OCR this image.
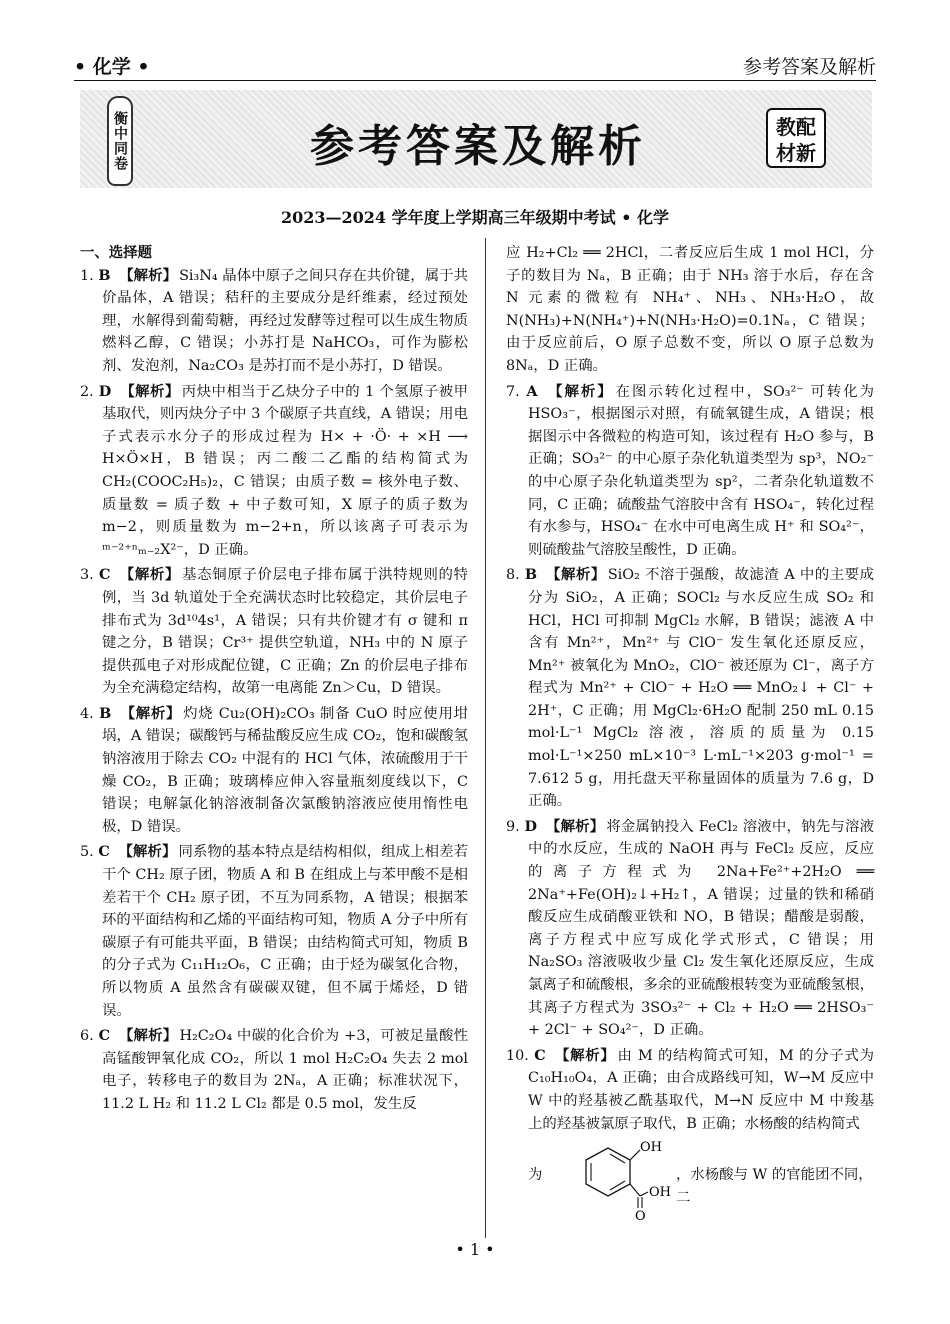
• 化学 •	参考答案及解析
衡中同卷	参考答案及解析	教配
材新
2023—2024 学年度上学期高三年级期中考试 • 化学
一、选择题

1. B 【解析】 Si₃N₄ 晶体中原子之间只存在共价键，属于共价晶体，A 错误；秸秆的主要成分是纤维素，经过预处理，水解得到葡萄糖，再经过发酵等过程可以生成生物质燃料乙醇，C 错误；小苏打是 NaHCO₃，可作为膨松剂、发泡剂，Na₂CO₃ 是苏打而不是小苏打，D 错误。

2. D 【解析】 丙炔中相当于乙炔分子中的 1 个氢原子被甲基取代，则丙炔分子中 3 个碳原子共直线，A 错误；用电子式表示水分子的形成过程为 H× + ·Ö· + ×H ⟶ H×Ö×H，B 错误；丙二酸二乙酯的结构简式为 CH₂(COOC₂H₅)₂，C 错误；由质子数 = 核外电子数、质量数 = 质子数 + 中子数可知，X 原子的质子数为 m−2，则质量数为 m−2+n，所以该离子可表示为 ᵐ⁻²⁺ⁿₘ₋₂X²⁻，D 正确。

3. C 【解析】 基态铜原子价层电子排布属于洪特规则的特例，当 3d 轨道处于全充满状态时比较稳定，其价层电子排布式为 3d¹⁰4s¹，A 错误；只有共价键才有 σ 键和 π 键之分，B 错误；Cr³⁺ 提供空轨道，NH₃ 中的 N 原子提供孤电子对形成配位键，C 正确；Zn 的价层电子排布为全充满稳定结构，故第一电离能 Zn＞Cu，D 错误。

4. B 【解析】 灼烧 Cu₂(OH)₂CO₃ 制备 CuO 时应使用坩埚，A 错误；碳酸钙与稀盐酸反应生成 CO₂，饱和碳酸氢钠溶液用于除去 CO₂ 中混有的 HCl 气体，浓硫酸用于干燥 CO₂，B 正确；玻璃棒应伸入容量瓶刻度线以下，C 错误；电解氯化钠溶液制备次氯酸钠溶液应使用惰性电极，D 错误。

5. C 【解析】 同系物的基本特点是结构相似，组成上相差若干个 CH₂ 原子团，物质 A 和 B 在组成上与苯甲酸不是相差若干个 CH₂ 原子团，不互为同系物，A 错误；根据苯环的平面结构和乙烯的平面结构可知，物质 A 分子中所有碳原子有可能共平面，B 错误；由结构简式可知，物质 B 的分子式为 C₁₁H₁₂O₆，C 正确；由于烃为碳氢化合物，所以物质 A 虽然含有碳碳双键，但不属于烯烃，D 错误。

6. C 【解析】 H₂C₂O₄ 中碳的化合价为 +3，可被足量酸性高锰酸钾氧化成 CO₂，所以 1 mol H₂C₂O₄ 失去 2 mol 电子，转移电子的数目为 2Nₐ，A 正确；标准状况下，11.2 L H₂ 和 11.2 L Cl₂ 都是 0.5 mol，发生反

应 H₂+Cl₂ ══ 2HCl，二者反应后生成 1 mol HCl，分子的数目为 Nₐ，B 正确；由于 NH₃ 溶于水后，存在含 N 元素的微粒有 NH₄⁺、NH₃、NH₃·H₂O，故 N(NH₃)+N(NH₄⁺)+N(NH₃·H₂O)=0.1Nₐ，C 错误；由于反应前后，O 原子总数不变，所以 O 原子总数为 8Nₐ，D 正确。

7. A 【解析】 在图示转化过程中，SO₃²⁻ 可转化为 HSO₃⁻，根据图示对照，有硫氧键生成，A 错误；根据图示中各微粒的构造可知，该过程有 H₂O 参与，B 正确；SO₃²⁻ 的中心原子杂化轨道类型为 sp³，NO₂⁻ 的中心原子杂化轨道类型为 sp²，二者杂化轨道数不同，C 正确；硫酸盐气溶胶中含有 HSO₄⁻，转化过程有水参与，HSO₄⁻ 在水中可电离生成 H⁺ 和 SO₄²⁻，则硫酸盐气溶胶呈酸性，D 正确。

8. B 【解析】 SiO₂ 不溶于强酸，故滤渣 A 中的主要成分为 SiO₂，A 正确；SOCl₂ 与水反应生成 SO₂ 和 HCl，HCl 可抑制 MgCl₂ 水解，B 错误；滤液 A 中含有 Mn²⁺，Mn²⁺ 与 ClO⁻ 发生氧化还原反应，Mn²⁺ 被氧化为 MnO₂，ClO⁻ 被还原为 Cl⁻，离子方程式为 Mn²⁺ + ClO⁻ + H₂O ══ MnO₂↓ + Cl⁻ + 2H⁺，C 正确；用 MgCl₂·6H₂O 配制 250 mL 0.15 mol·L⁻¹ MgCl₂ 溶液，溶质的质量为 0.15 mol·L⁻¹×250 mL×10⁻³ L·mL⁻¹×203 g·mol⁻¹ = 7.612 5 g，用托盘天平称量固体的质量为 7.6 g，D 正确。

9. D 【解析】 将金属钠投入 FeCl₂ 溶液中，钠先与溶液中的水反应，生成的 NaOH 再与 FeCl₂ 反应，反应的离子方程式为 2Na+Fe²⁺+2H₂O ══ 2Na⁺+Fe(OH)₂↓+H₂↑，A 错误；过量的铁和稀硝酸反应生成硝酸亚铁和 NO，B 错误；醋酸是弱酸，离子方程式中应写成化学式形式，C 错误；用 Na₂SO₃ 溶液吸收少量 Cl₂ 发生氧化还原反应，生成氯离子和硫酸根，多余的亚硫酸根转变为亚硫酸氢根，其离子方程式为 3SO₃²⁻ + Cl₂ + H₂O ══ 2HSO₃⁻ + 2Cl⁻ + SO₄²⁻，D 正确。

10. C 【解析】 由 M 的结构简式可知，M 的分子式为 C₁₀H₁₀O₄，A 正确；由合成路线可知，W→M 反应中 W 中的羟基被乙酰基取代，M→N 反应中 M 中羧基上的羟基被氯原子取代，B 正确；水杨酸的结构简式

为
OH
OH
O
，水杨酸与 W 的官能团不同，二
• 1 •
